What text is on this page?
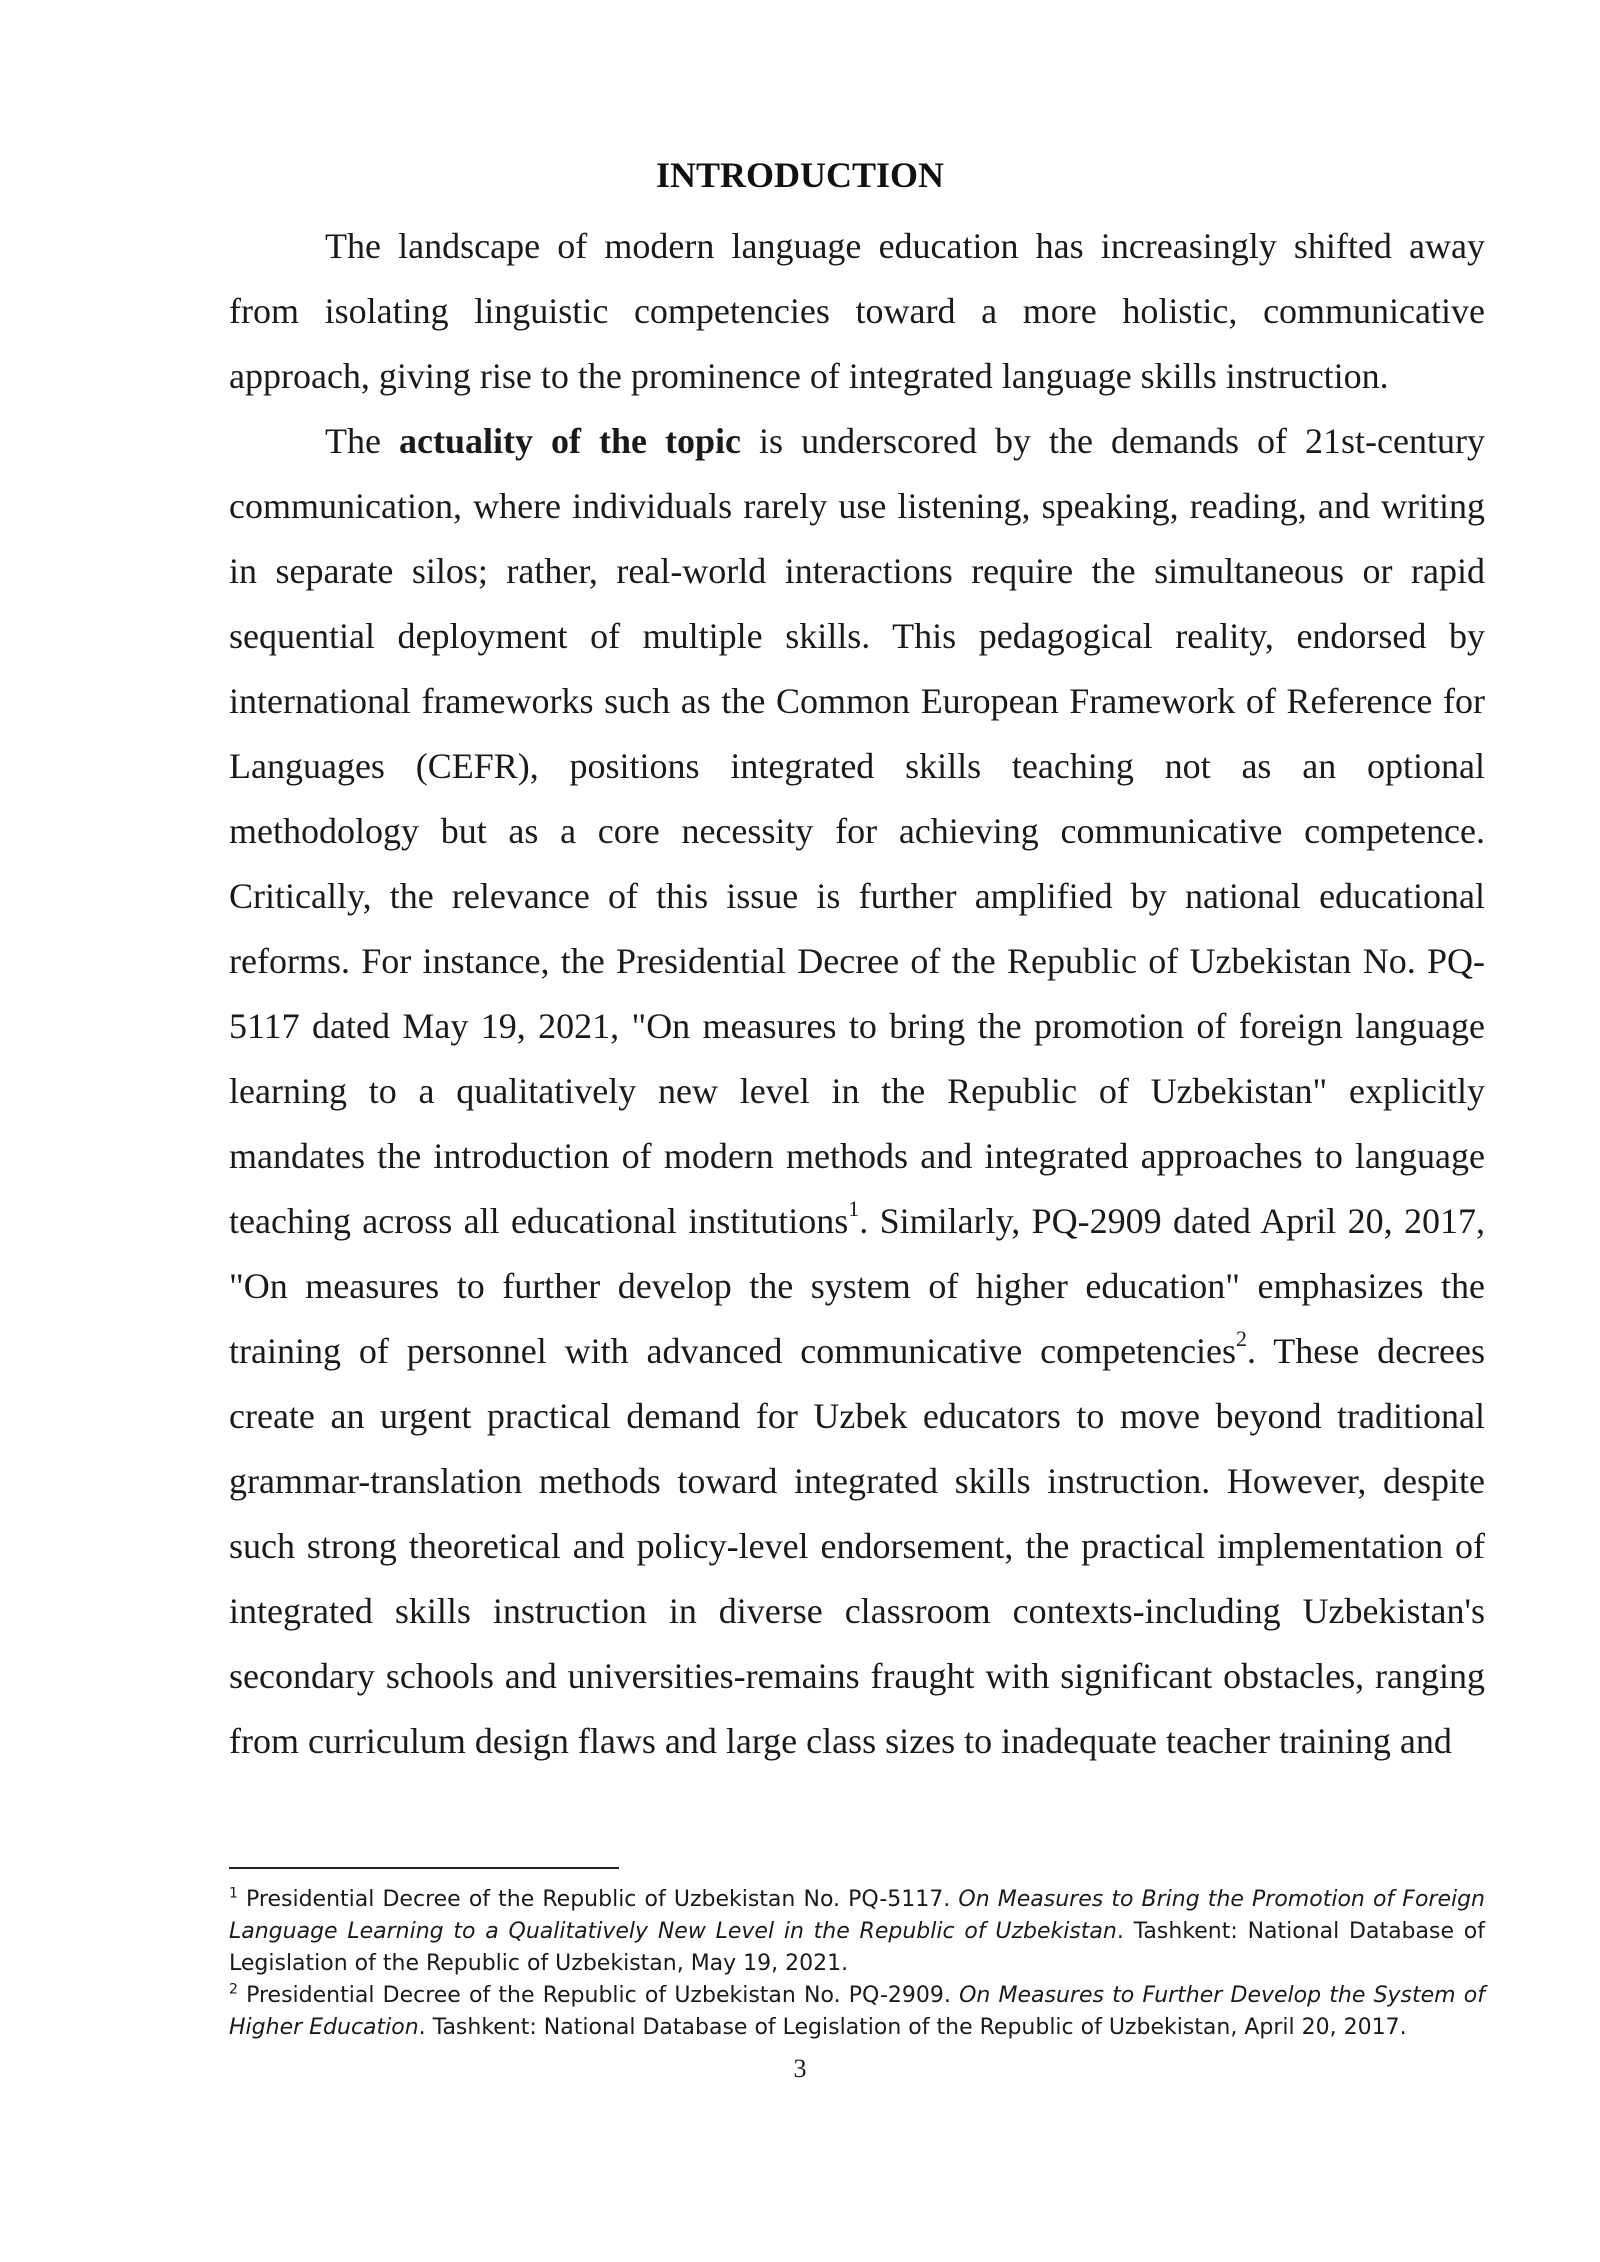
INTRODUCTION

The landscape of modern language education has increasingly shifted away from isolating linguistic competencies toward a more holistic, communicative approach, giving rise to the prominence of integrated language skills instruction.

The actuality of the topic is underscored by the demands of 21st-century communication, where individuals rarely use listening, speaking, reading, and writing in separate silos; rather, real-world interactions require the simultaneous or rapid sequential deployment of multiple skills. This pedagogical reality, endorsed by international frameworks such as the Common European Framework of Reference for Languages (CEFR), positions integrated skills teaching not as an optional methodology but as a core necessity for achieving communicative competence. Critically, the relevance of this issue is further amplified by national educational reforms. For instance, the Presidential Decree of the Republic of Uzbekistan No. PQ-5117 dated May 19, 2021, "On measures to bring the promotion of foreign language learning to a qualitatively new level in the Republic of Uzbekistan" explicitly mandates the introduction of modern methods and integrated approaches to language teaching across all educational institutions$^1$. Similarly, PQ-2909 dated April 20, 2017, "On measures to further develop the system of higher education" emphasizes the training of personnel with advanced communicative competencies$^2$. These decrees create an urgent practical demand for Uzbek educators to move beyond traditional grammar-translation methods toward integrated skills instruction. However, despite such strong theoretical and policy-level endorsement, the practical implementation of integrated skills instruction in diverse classroom contexts-including Uzbekistan's secondary schools and universities-remains fraught with significant obstacles, ranging from curriculum design flaws and large class sizes to inadequate teacher training and

$^1$ Presidential Decree of the Republic of Uzbekistan No. PQ-5117. On Measures to Bring the Promotion of Foreign Language Learning to a Qualitatively New Level in the Republic of Uzbekistan. Tashkent: National Database of Legislation of the Republic of Uzbekistan, May 19, 2021.

$^2$ Presidential Decree of the Republic of Uzbekistan No. PQ-2909. On Measures to Further Develop the System of Higher Education. Tashkent: National Database of Legislation of the Republic of Uzbekistan, April 20, 2017.

3
